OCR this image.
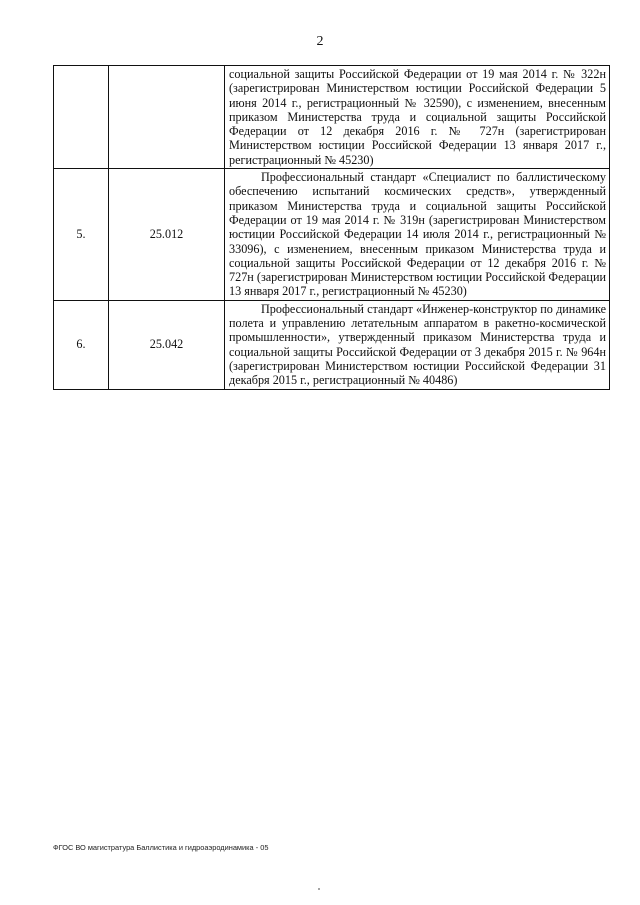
2

		социальной защиты Российской Федерации от 19 мая 2014 г. № 322н (зарегистрирован Министерством юстиции Российской Федерации 5 июня 2014 г., регистрационный № 32590), с изменением, внесенным приказом Министерства труда и социальной защиты Российской Федерации от 12 декабря 2016 г. № 727н (зарегистрирован Министерством юстиции Российской Федерации 13 января 2017 г., регистрационный № 45230)

5.	25.012	Профессиональный стандарт «Специалист по баллистическому обеспечению испытаний космических средств», утвержденный приказом Министерства труда и социальной защиты Российской Федерации от 19 мая 2014 г. № 319н (зарегистрирован Министерством юстиции Российской Федерации 14 июля 2014 г., регистрационный № 33096), с изменением, внесенным приказом Министерства труда и социальной защиты Российской Федерации от 12 декабря 2016 г. № 727н (зарегистрирован Министерством юстиции Российской Федерации 13 января 2017 г., регистрационный № 45230)

6.	25.042	Профессиональный стандарт «Инженер-конструктор по динамике полета и управлению летательным аппаратом в ракетно-космической промышленности», утвержденный приказом Министерства труда и социальной защиты Российской Федерации от 3 декабря 2015 г. № 964н (зарегистрирован Министерством юстиции Российской Федерации 31 декабря 2015 г., регистрационный № 40486)
ФГОС ВО магистратура Баллистика и гидроаэродинамика - 05
